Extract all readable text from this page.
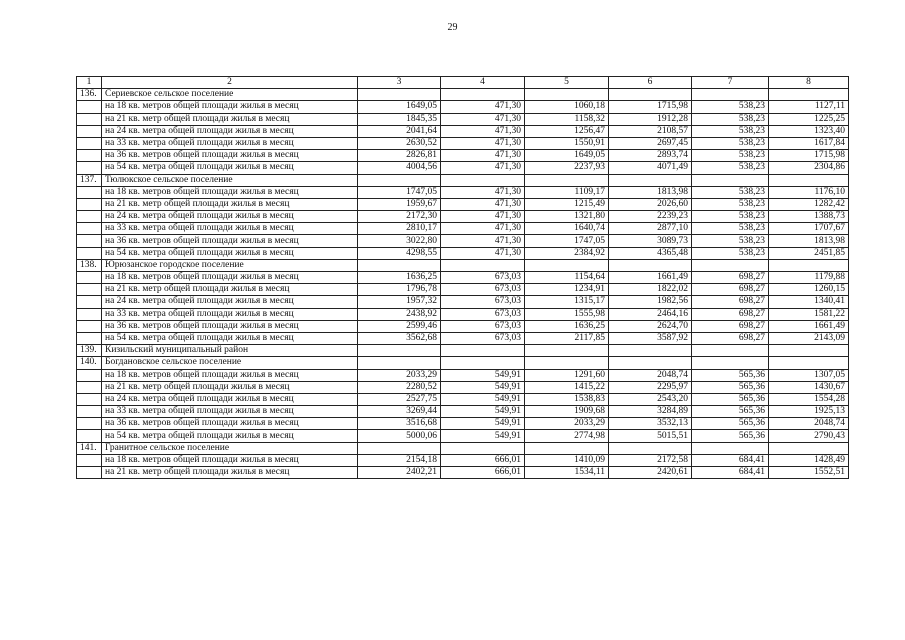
29
1	2	3	4	5	6	7	8
136.	Сериевское сельское поселение						
	на 18 кв. метров общей площади жилья в месяц	1649,05	471,30	1060,18	1715,98	538,23	1127,11
	на 21 кв. метр общей площади жилья в месяц	1845,35	471,30	1158,32	1912,28	538,23	1225,25
	на 24 кв. метра общей площади жилья в месяц	2041,64	471,30	1256,47	2108,57	538,23	1323,40
	на 33 кв. метра общей площади жилья в месяц	2630,52	471,30	1550,91	2697,45	538,23	1617,84
	на 36 кв. метров общей площади жилья в месяц	2826,81	471,30	1649,05	2893,74	538,23	1715,98
	на 54 кв. метра общей площади жилья в месяц	4004,56	471,30	2237,93	4071,49	538,23	2304,86
137.	Тюлюкское сельское поселение						
	на 18 кв. метров общей площади жилья в месяц	1747,05	471,30	1109,17	1813,98	538,23	1176,10
	на 21 кв. метр общей площади жилья в месяц	1959,67	471,30	1215,49	2026,60	538,23	1282,42
	на 24 кв. метра общей площади жилья в месяц	2172,30	471,30	1321,80	2239,23	538,23	1388,73
	на 33 кв. метра общей площади жилья в месяц	2810,17	471,30	1640,74	2877,10	538,23	1707,67
	на 36 кв. метров общей площади жилья в месяц	3022,80	471,30	1747,05	3089,73	538,23	1813,98
	на 54 кв. метра общей площади жилья в месяц	4298,55	471,30	2384,92	4365,48	538,23	2451,85
138.	Юрюзанское городское поселение						
	на 18 кв. метров общей площади жилья в месяц	1636,25	673,03	1154,64	1661,49	698,27	1179,88
	на 21 кв. метр общей площади жилья в месяц	1796,78	673,03	1234,91	1822,02	698,27	1260,15
	на 24 кв. метра общей площади жилья в месяц	1957,32	673,03	1315,17	1982,56	698,27	1340,41
	на 33 кв. метра общей площади жилья в месяц	2438,92	673,03	1555,98	2464,16	698,27	1581,22
	на 36 кв. метров общей площади жилья в месяц	2599,46	673,03	1636,25	2624,70	698,27	1661,49
	на 54 кв. метра общей площади жилья в месяц	3562,68	673,03	2117,85	3587,92	698,27	2143,09
139.	Кизильский муниципальный район						
140.	Богдановское сельское поселение						
	на 18 кв. метров общей площади жилья в месяц	2033,29	549,91	1291,60	2048,74	565,36	1307,05
	на 21 кв. метр общей площади жилья в месяц	2280,52	549,91	1415,22	2295,97	565,36	1430,67
	на 24 кв. метра общей площади жилья в месяц	2527,75	549,91	1538,83	2543,20	565,36	1554,28
	на 33 кв. метра общей площади жилья в месяц	3269,44	549,91	1909,68	3284,89	565,36	1925,13
	на 36 кв. метров общей площади жилья в месяц	3516,68	549,91	2033,29	3532,13	565,36	2048,74
	на 54 кв. метра общей площади жилья в месяц	5000,06	549,91	2774,98	5015,51	565,36	2790,43
141.	Гранитное сельское поселение						
	на 18 кв. метров общей площади жилья в месяц	2154,18	666,01	1410,09	2172,58	684,41	1428,49
	на 21 кв. метр общей площади жилья в месяц	2402,21	666,01	1534,11	2420,61	684,41	1552,51
